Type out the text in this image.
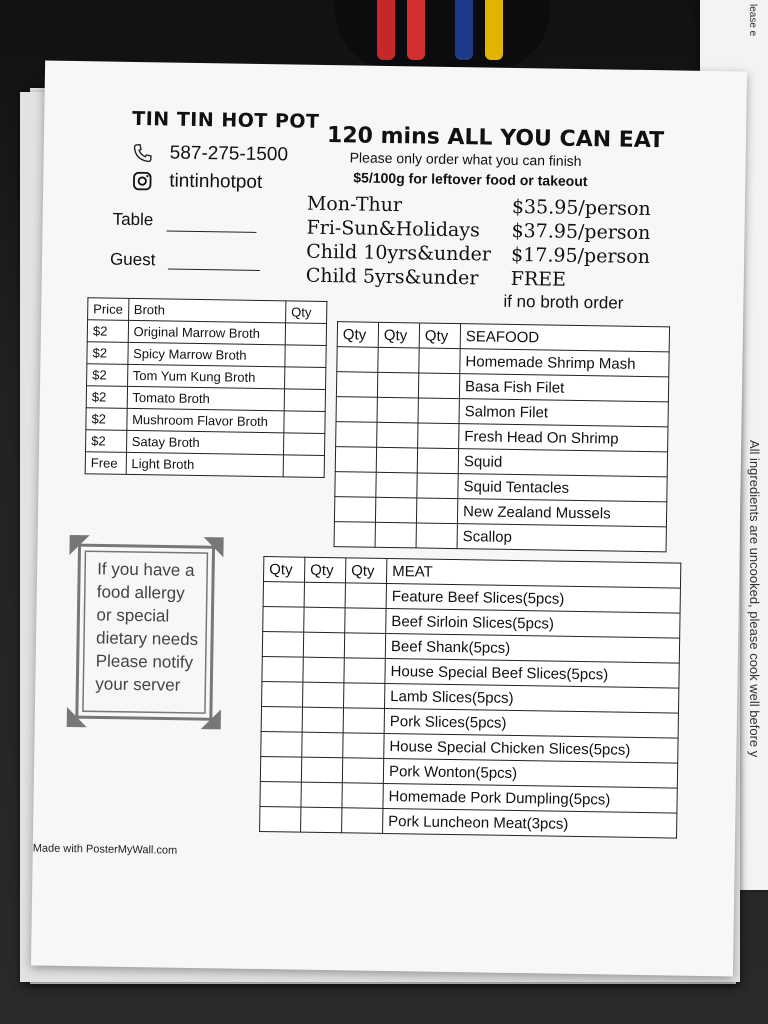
All ingredients are uncooked, please cook well before y
lease e
TIN TIN HOT POT
587-275-1500
tintinhotpot
Table
Guest
120 mins ALL YOU CAN EAT
Please only order what you can finish
$5/100g for leftover food or takeout
Mon-Thur	$35.95/person
Fri-Sun&Holidays $37.95/person
Child 10yrs&under $17.95/person
Child 5yrs&under FREE
if no broth order
Price	Broth	Qty
$2	Original Marrow Broth	
$2	Spicy Marrow Broth	
$2	Tom Yum Kung Broth	
$2	Tomato Broth	
$2	Mushroom Flavor Broth	
$2	Satay Broth	
Free	Light Broth	
Qty	Qty	Qty	SEAFOOD
			Homemade Shrimp Mash
			Basa Fish Filet
			Salmon Filet
			Fresh Head On Shrimp
			Squid
			Squid Tentacles
			New Zealand Mussels
			Scallop
If you have a
food allergy
or special
dietary needs
Please notify
your server
Qty	Qty	Qty	MEAT
			Feature Beef Slices(5pcs)
			Beef Sirloin Slices(5pcs)
			Beef Shank(5pcs)
			House Special Beef Slices(5pcs)
			Lamb Slices(5pcs)
			Pork Slices(5pcs)
			House Special Chicken Slices(5pcs)
			Pork Wonton(5pcs)
			Homemade Pork Dumpling(5pcs)
			Pork Luncheon Meat(3pcs)
Made with PosterMyWall.com
